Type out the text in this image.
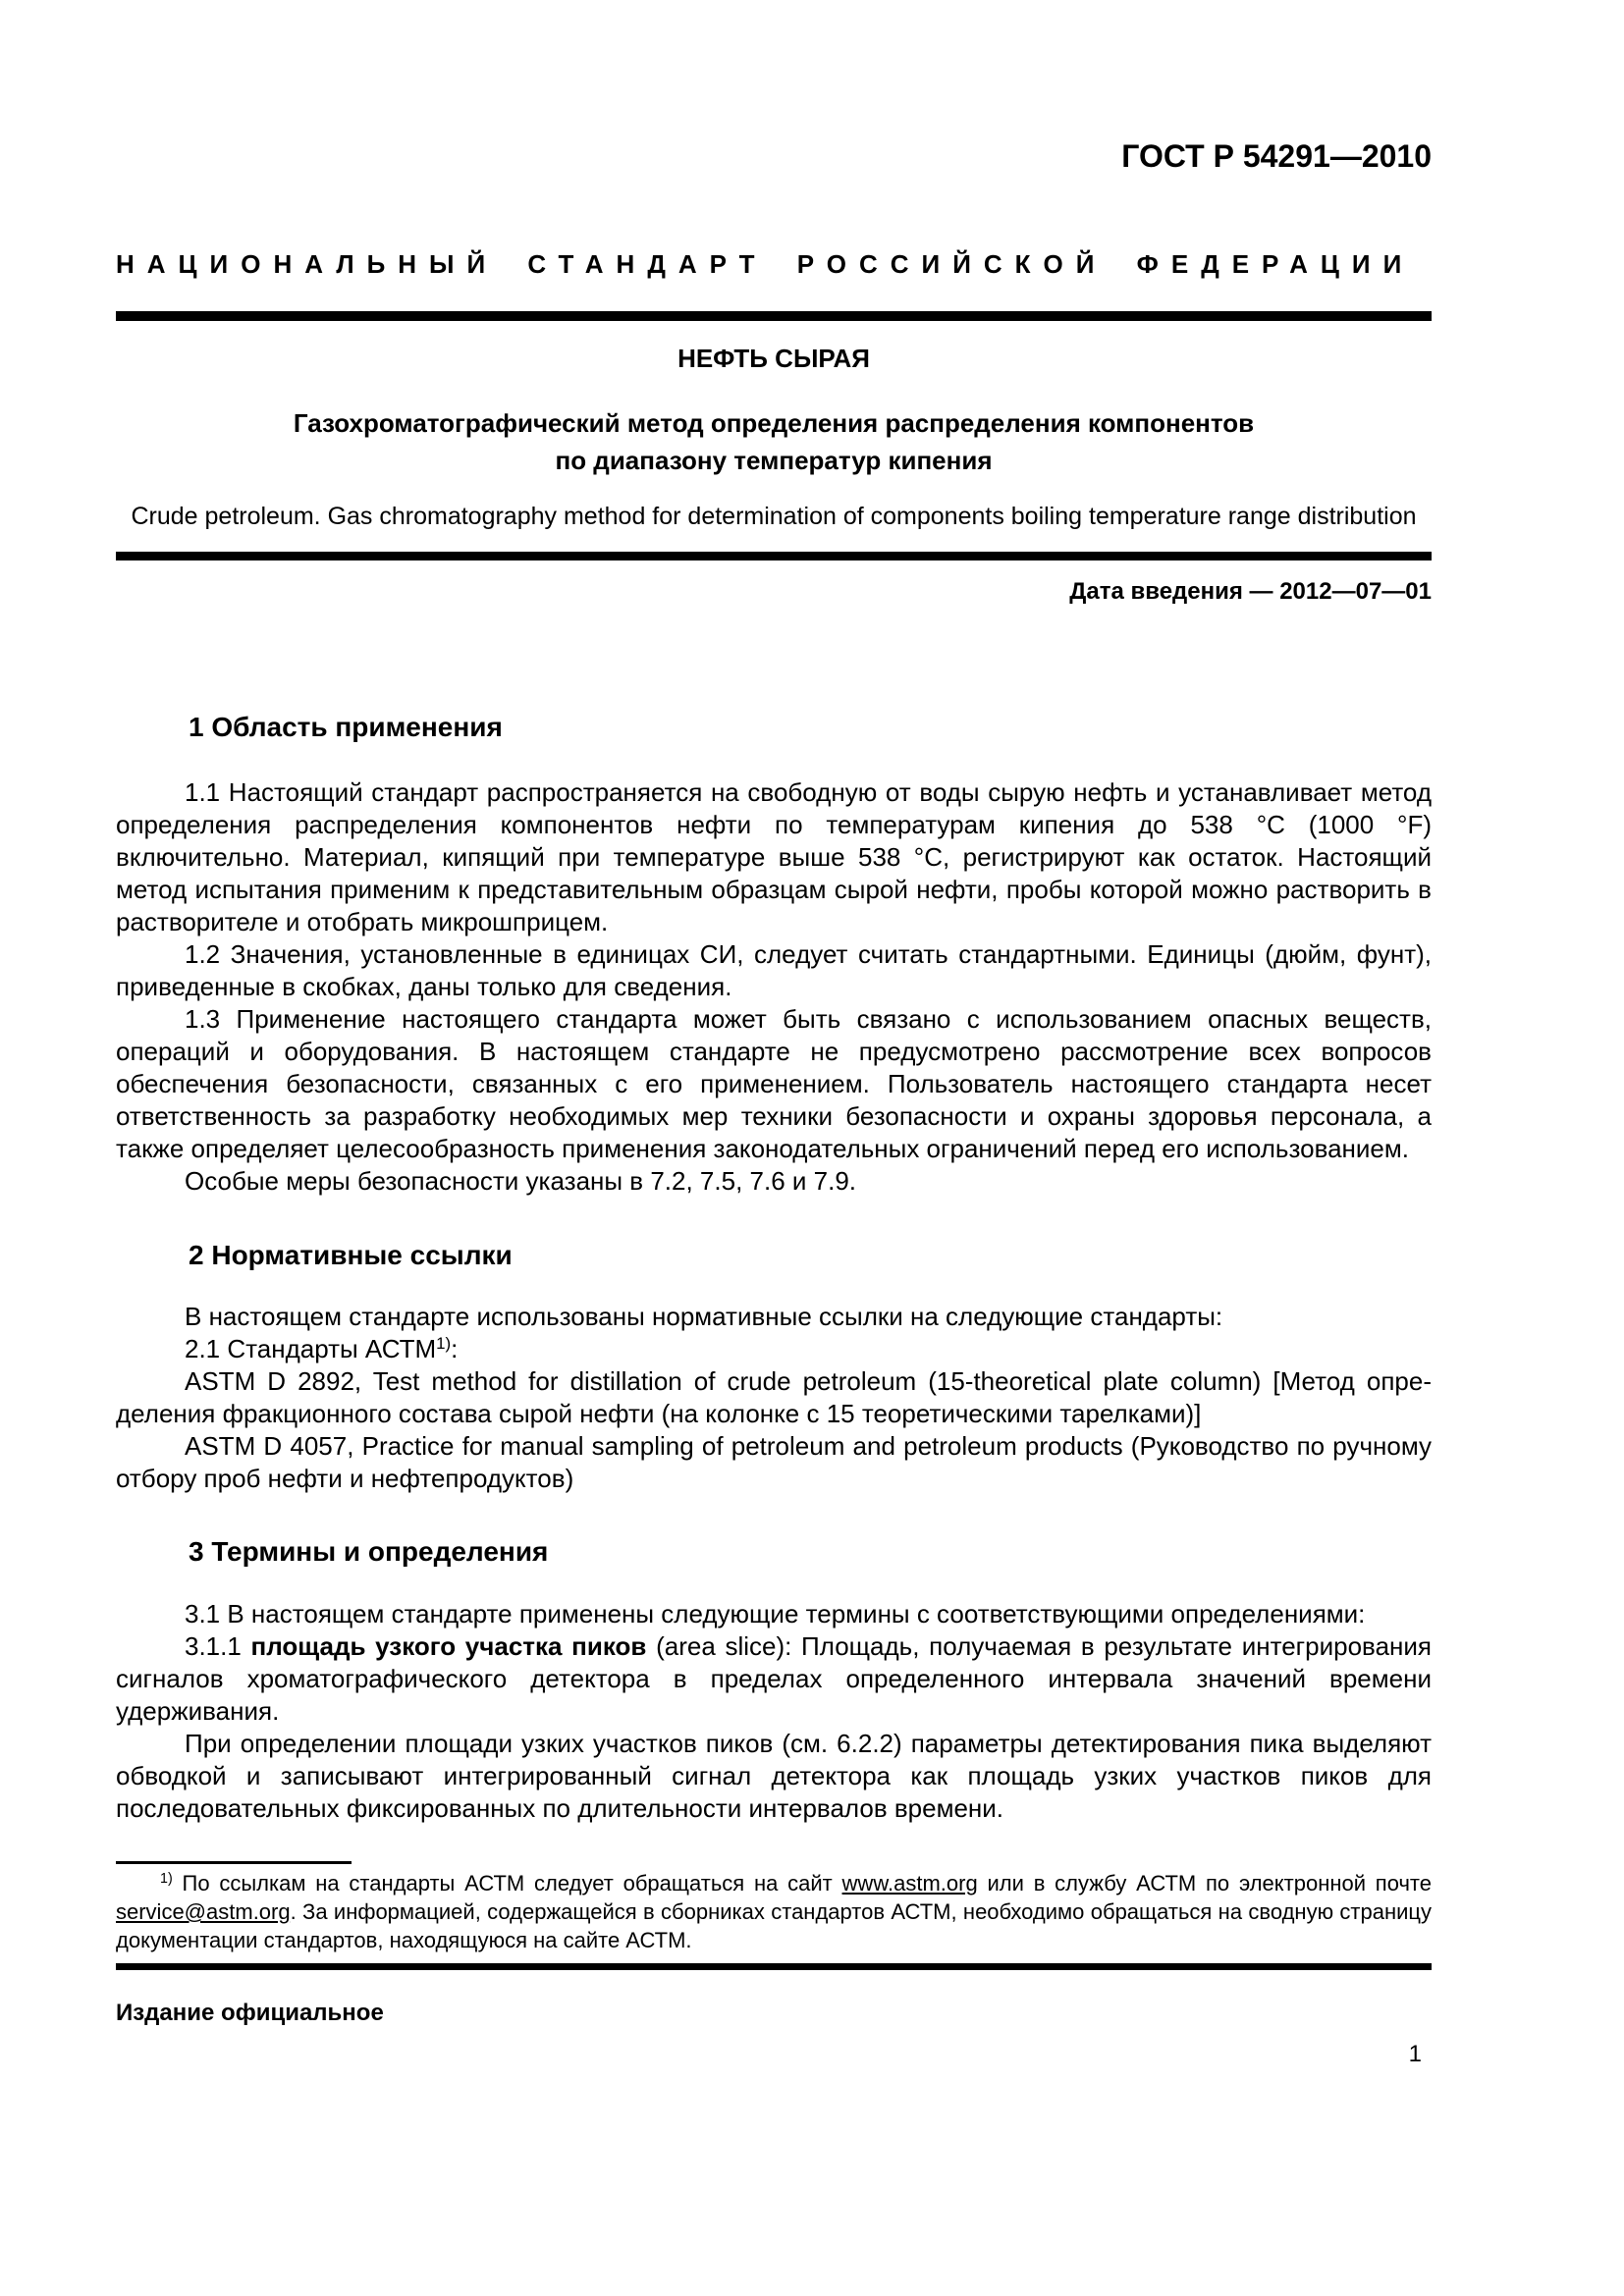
ГОСТ Р 54291—2010
НАЦИОНАЛЬНЫЙ СТАНДАРТ РОССИЙСКОЙ ФЕДЕРАЦИИ
НЕФТЬ СЫРАЯ
Газохроматографический метод определения распределения компонентов
по диапазону температур кипения
Crude petroleum. Gas chromatography method for determination of components boiling temperature range distribution
Дата введения — 2012—07—01
1 Область применения

1.1 Настоящий стандарт распространяется на свободную от воды сырую нефть и устанавливает метод определения распределения компонентов нефти по температурам кипения до 538 °С (1000 °F) включительно. Материал, кипящий при температуре выше 538 °С, регистрируют как остаток. Настоящий метод испытания применим к представительным образцам сырой нефти, пробы которой можно растворить в растворителе и отобрать микрошприцем.

1.2 Значения, установленные в единицах СИ, следует считать стандартными. Единицы (дюйм, фунт), приведенные в скобках, даны только для сведения.

1.3 Применение настоящего стандарта может быть связано с использованием опасных веществ, операций и оборудования. В настоящем стандарте не предусмотрено рассмотрение всех вопросов обеспечения безопасности, связанных с его применением. Пользователь настоящего стандарта несет ответственность за разработку необходимых мер техники безопасности и охраны здоровья персонала, а также определяет целесообразность применения законодательных ограничений перед его использованием.

Особые меры безопасности указаны в 7.2, 7.5, 7.6 и 7.9.

2 Нормативные ссылки

В настоящем стандарте использованы нормативные ссылки на следующие стандарты:

2.1 Стандарты АСТМ$^{1)}$:

ASTM D 2892, Test method for distillation of crude petroleum (15-theoretical plate column) [Метод определения фракционного состава сырой нефти (на колонке с 15 теоретическими тарелками)]

ASTM D 4057, Practice for manual sampling of petroleum and petroleum products (Руководство по ручному отбору проб нефти и нефтепродуктов)

3 Термины и определения

3.1 В настоящем стандарте применены следующие термины с соответствующими определениями:

3.1.1 площадь узкого участка пиков (area slice): Площадь, получаемая в результате интегрирования сигналов хроматографического детектора в пределах определенного интервала значений времени удерживания.

При определении площади узких участков пиков (см. 6.2.2) параметры детектирования пика выделяют обводкой и записывают интегрированный сигнал детектора как площадь узких участков пиков для последовательных фиксированных по длительности интервалов времени.

$^{1)}$ По ссылкам на стандарты АСТМ следует обращаться на сайт www.astm.org или в службу АСТМ по электронной почте service@astm.org. За информацией, содержащейся в сборниках стандартов АСТМ, необходимо обращаться на сводную страницу документации стандартов, находящуюся на сайте АСТМ.

Издание официальное
1
